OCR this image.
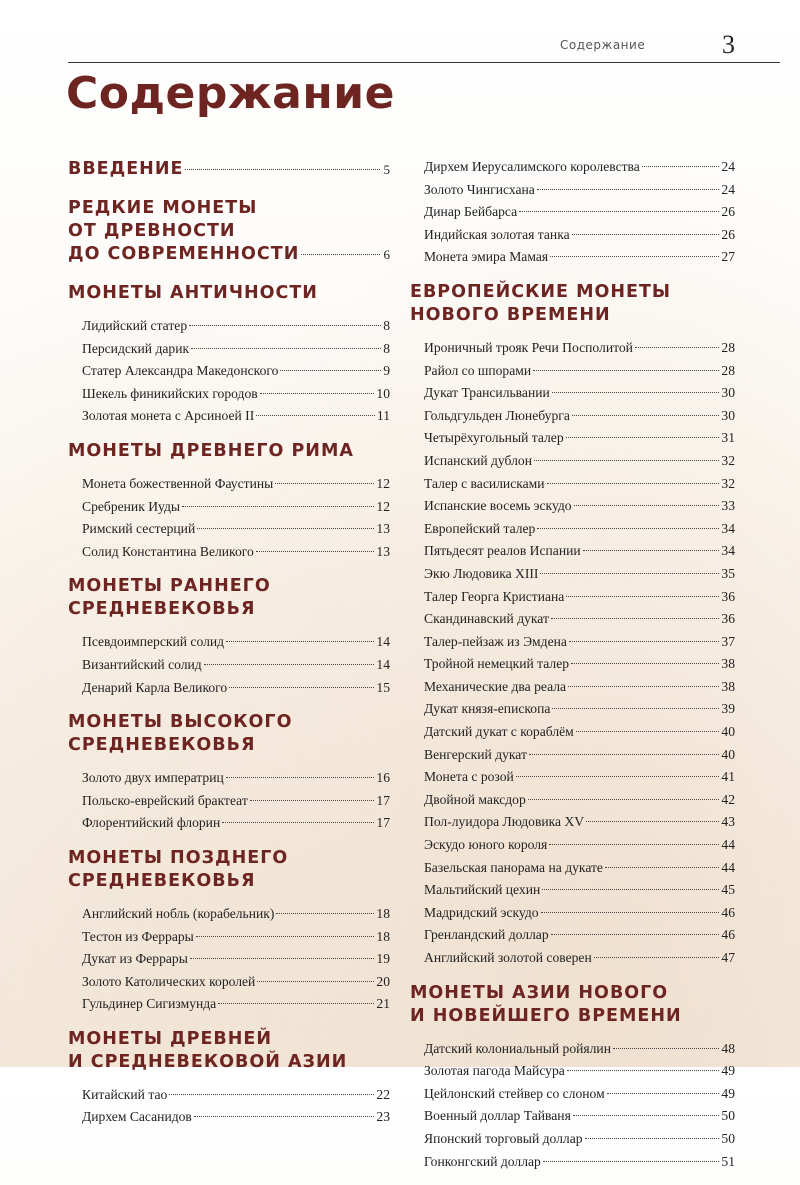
Содержание	3
Содержание
ВВЕДЕНИЕ	5
РЕДКИЕ МОНЕТЫ
ОТ ДРЕВНОСТИ
ДО СОВРЕМЕННОСТИ	6
МОНЕТЫ АНТИЧНОСТИ
Лидийский статер	8
Персидский дарик	8
Статер Александра Македонского	9
Шекель финикийских городов	10
Золотая монета с Арсиноей II	11
МОНЕТЫ ДРЕВНЕГО РИМА
Монета божественной Фаустины	12
Сребреник Иуды	12
Римский сестерций	13
Солид Константина Великого	13
МОНЕТЫ РАННЕГО
СРЕДНЕВЕКОВЬЯ
Псевдоимперский солид	14
Византийский солид	14
Денарий Карла Великого	15
МОНЕТЫ ВЫСОКОГО
СРЕДНЕВЕКОВЬЯ
Золото двух императриц	16
Польско-еврейский брактеат	17
Флорентийский флорин	17
МОНЕТЫ ПОЗДНЕГО
СРЕДНЕВЕКОВЬЯ
Английский нобль (корабельник)	18
Тестон из Феррары	18
Дукат из Феррары	19
Золото Католических королей	20
Гульдинер Сигизмунда	21
МОНЕТЫ ДРЕВНЕЙ
И СРЕДНЕВЕКОВОЙ АЗИИ
Китайский тао	22
Дирхем Сасанидов	23
Дирхем Иерусалимского королевства	24
Золото Чингисхана	24
Динар Бейбарса	26
Индийская золотая танка	26
Монета эмира Мамая	27
ЕВРОПЕЙСКИЕ МОНЕТЫ
НОВОГО ВРЕМЕНИ
Ироничный трояк Речи Посполитой	28
Райол со шпорами	28
Дукат Трансильвании	30
Гольдгульден Люнебурга	30
Четырёхугольный талер	31
Испанский дублон	32
Талер с василисками	32
Испанские восемь эскудо	33
Европейский талер	34
Пятьдесят реалов Испании	34
Экю Людовика XIII	35
Талер Георга Кристиана	36
Скандинавский дукат	36
Талер-пейзаж из Эмдена	37
Тройной немецкий талер	38
Механические два реала	38
Дукат князя-епископа	39
Датский дукат с кораблём	40
Венгерский дукат	40
Монета с розой	41
Двойной максдор	42
Пол-луидора Людовика XV	43
Эскудо юного короля	44
Базельская панорама на дукате	44
Мальтийский цехин	45
Мадридский эскудо	46
Гренландский доллар	46
Английский золотой соверен	47
МОНЕТЫ АЗИИ НОВОГО
И НОВЕЙШЕГО ВРЕМЕНИ
Датский колониальный ройялин	48
Золотая пагода Майсура	49
Цейлонский стейвер со слоном	49
Военный доллар Тайваня	50
Японский торговый доллар	50
Гонконгский доллар	51
